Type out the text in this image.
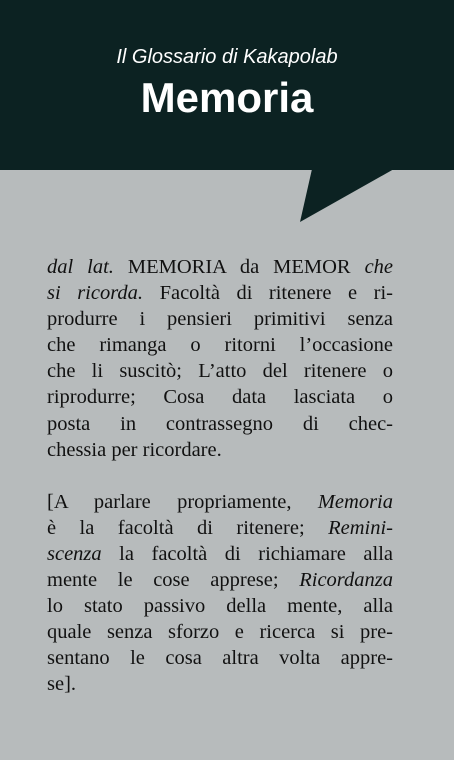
Il Glossario di Kakapolab
Memoria
dal lat. MEMORIA da MEMOR che
si ricorda. Facoltà di ritenere e ri-
produrre i pensieri primitivi senza
che rimanga o ritorni l’occasione
che li suscitò; L’atto del ritenere o
riprodurre; Cosa data lasciata o
posta in contrassegno di chec-
chessia per ricordare.
[A parlare propriamente, Memoria
è la facoltà di ritenere; Remini-
scenza la facoltà di richiamare alla
mente le cose apprese; Ricordanza
lo stato passivo della mente, alla
quale senza sforzo e ricerca si pre-
sentano le cosa altra volta appre-
se].
